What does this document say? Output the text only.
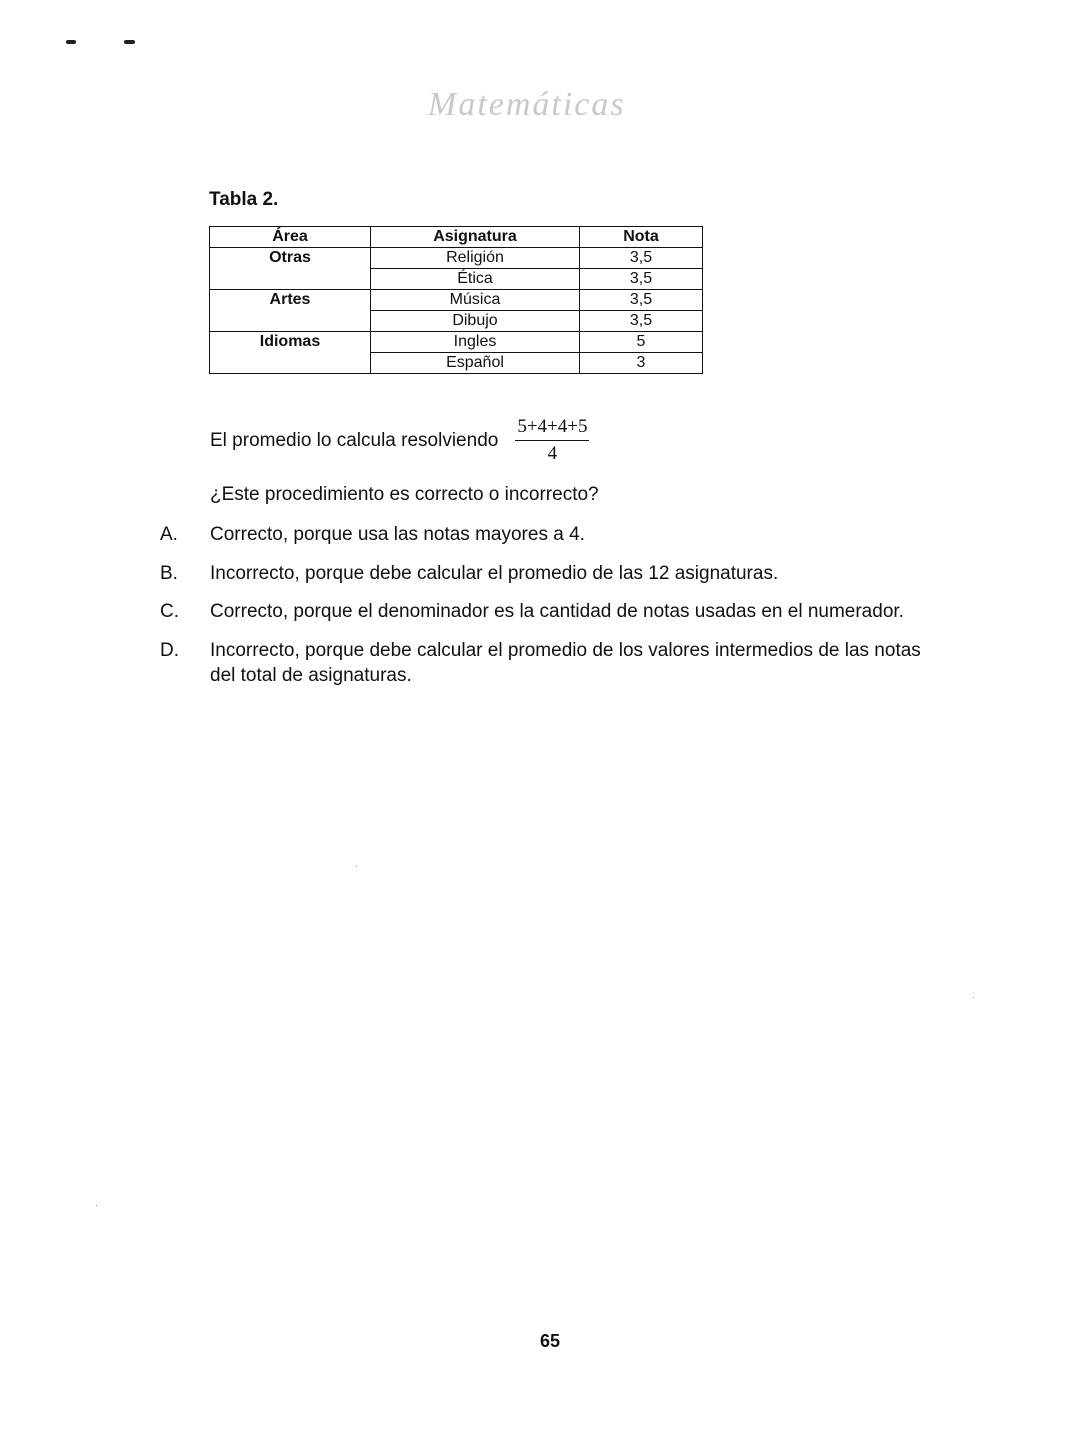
Matemáticas
Tabla 2.
Área	Asignatura	Nota
Otras	Religión	3,5
	Ética	3,5
Artes	Música	3,5
	Dibujo	3,5
Idiomas	Ingles	5
	Español	3
El promedio lo calcula resolviendo $\frac{5+4+4+5}{4}$
¿Este procedimiento es correcto o incorrecto?
A.	Correcto, porque usa las notas mayores a 4.
B.	Incorrecto, porque debe calcular el promedio de las 12 asignaturas.
C.	Correcto, porque el denominador es la cantidad de notas usadas en el numerador.
D.	Incorrecto, porque debe calcular el promedio de los valores intermedios de las notas del total de asignaturas.
65
